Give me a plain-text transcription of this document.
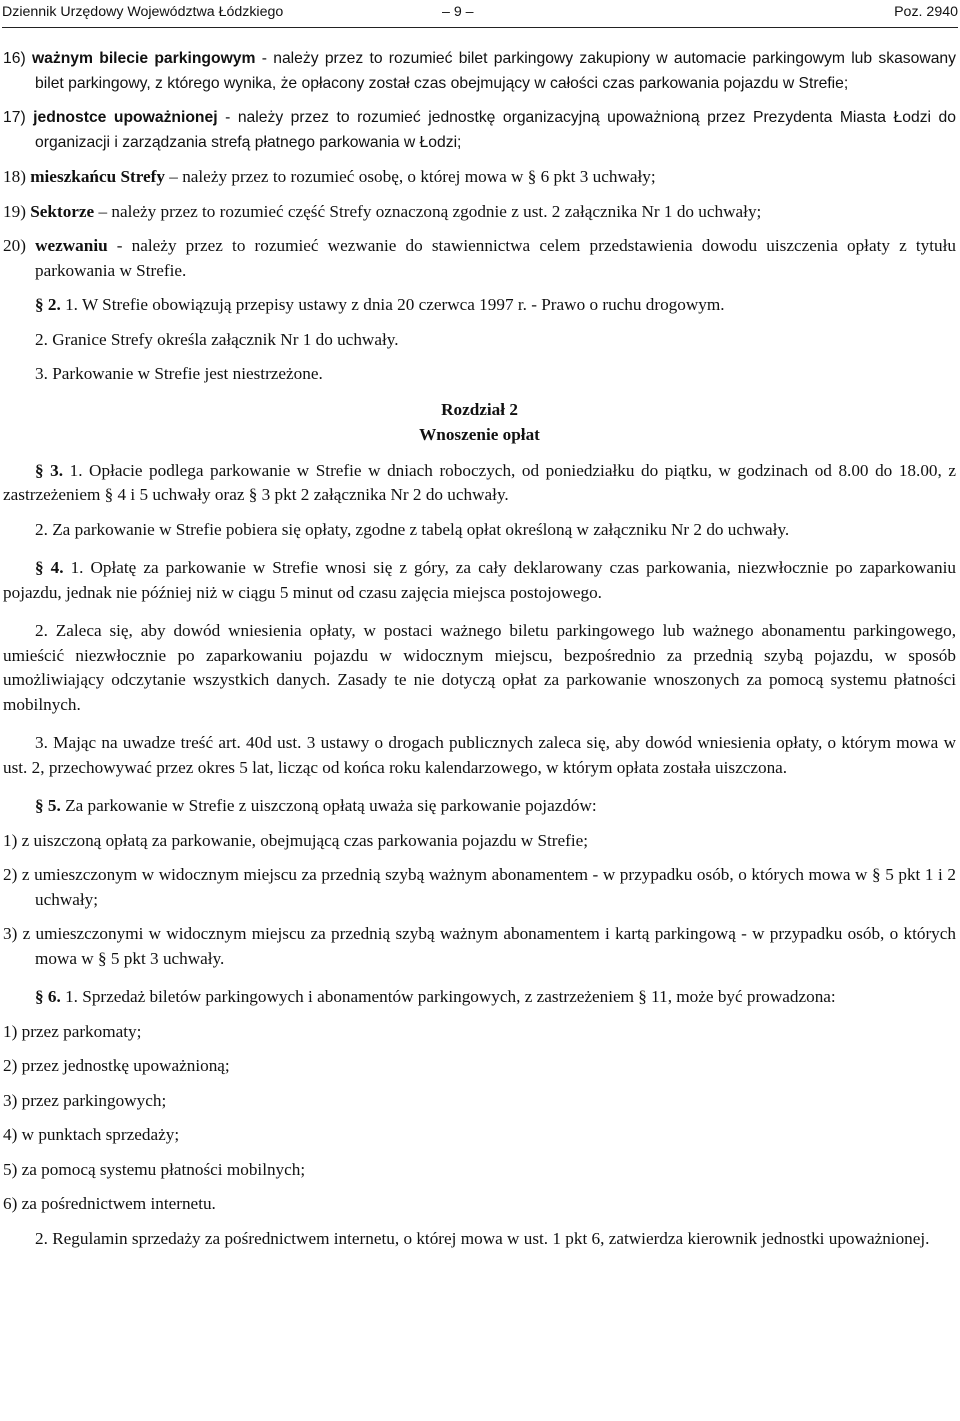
Dziennik Urzędowy Województwa Łódzkiego	– 9 –	Poz. 2940

16) ważnym bilecie parkingowym - należy przez to rozumieć bilet parkingowy zakupiony w automacie parkingowym lub skasowany bilet parkingowy, z którego wynika, że opłacony został czas obejmujący w całości czas parkowania pojazdu w Strefie;

17) jednostce upoważnionej - należy przez to rozumieć jednostkę organizacyjną upoważnioną przez Prezydenta Miasta Łodzi do organizacji i zarządzania strefą płatnego parkowania w Łodzi;

18) mieszkańcu Strefy – należy przez to rozumieć osobę, o której mowa w § 6 pkt 3 uchwały;

19) Sektorze – należy przez to rozumieć część Strefy oznaczoną zgodnie z ust. 2 załącznika Nr 1 do uchwały;

20) wezwaniu - należy przez to rozumieć wezwanie do stawiennictwa celem przedstawienia dowodu uiszczenia opłaty z tytułu parkowania w Strefie.

§ 2. 1. W Strefie obowiązują przepisy ustawy z dnia 20 czerwca 1997 r. - Prawo o ruchu drogowym.

2. Granice Strefy określa załącznik Nr 1 do uchwały.

3. Parkowanie w Strefie jest niestrzeżone.

Rozdział 2
Wnoszenie opłat

§ 3. 1. Opłacie podlega parkowanie w Strefie w dniach roboczych, od poniedziałku do piątku, w godzinach od 8.00 do 18.00, z zastrzeżeniem § 4 i 5 uchwały oraz § 3 pkt 2 załącznika Nr 2 do uchwały.

2. Za parkowanie w Strefie pobiera się opłaty, zgodne z tabelą opłat określoną w załączniku Nr 2 do uchwały.

§ 4. 1. Opłatę za parkowanie w Strefie wnosi się z góry, za cały deklarowany czas parkowania, niezwłocznie po zaparkowaniu pojazdu, jednak nie później niż w ciągu 5 minut od czasu zajęcia miejsca postojowego.

2. Zaleca się, aby dowód wniesienia opłaty, w postaci ważnego biletu parkingowego lub ważnego abonamentu parkingowego, umieścić niezwłocznie po zaparkowaniu pojazdu w widocznym miejscu, bezpośrednio za przednią szybą pojazdu, w sposób umożliwiający odczytanie wszystkich danych. Zasady te nie dotyczą opłat za parkowanie wnoszonych za pomocą systemu płatności mobilnych.

3. Mając na uwadze treść art. 40d ust. 3 ustawy o drogach publicznych zaleca się, aby dowód wniesienia opłaty, o którym mowa w ust. 2, przechowywać przez okres 5 lat, licząc od końca roku kalendarzowego, w którym opłata została uiszczona.

§ 5. Za parkowanie w Strefie z uiszczoną opłatą uważa się parkowanie pojazdów:

1) z uiszczoną opłatą za parkowanie, obejmującą czas parkowania pojazdu w Strefie;

2) z umieszczonym w widocznym miejscu za przednią szybą ważnym abonamentem - w przypadku osób, o których mowa w § 5 pkt 1 i 2 uchwały;

3) z umieszczonymi w widocznym miejscu za przednią szybą ważnym abonamentem i kartą parkingową - w przypadku osób, o których mowa w § 5 pkt 3 uchwały.

§ 6. 1. Sprzedaż biletów parkingowych i abonamentów parkingowych, z zastrzeżeniem § 11, może być prowadzona:

1) przez parkomaty;

2) przez jednostkę upoważnioną;

3) przez parkingowych;

4) w punktach sprzedaży;

5) za pomocą systemu płatności mobilnych;

6) za pośrednictwem internetu.

2. Regulamin sprzedaży za pośrednictwem internetu, o której mowa w ust. 1 pkt 6, zatwierdza kierownik jednostki upoważnionej.
